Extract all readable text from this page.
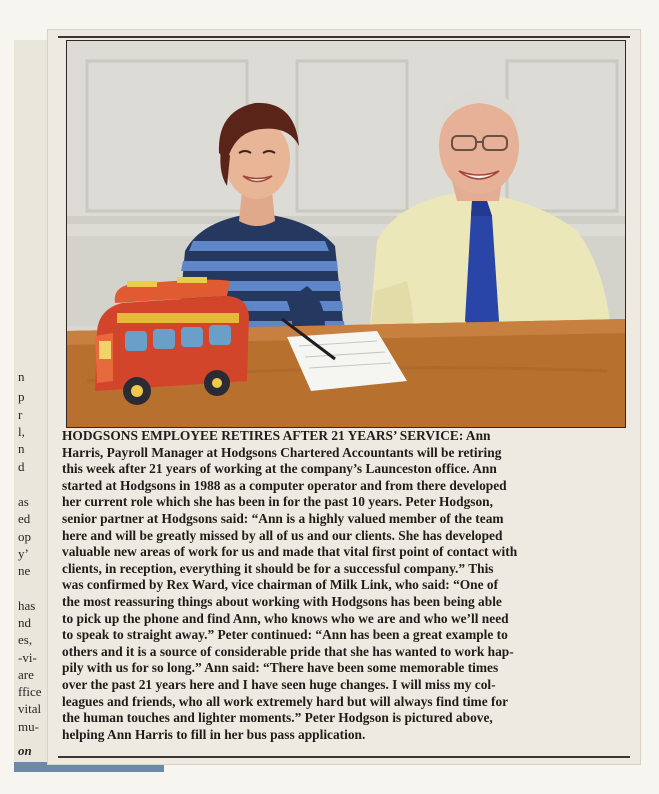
n
p
r
l,
n
d
as
ed
op
y’
ne
has
nd
es,
-vi-
are
ffice
vital
mu-
on
HODGSONS EMPLOYEE RETIRES AFTER 21 YEARS’ SERVICE: Ann
Harris, Payroll Manager at Hodgsons Chartered Accountants will be retiring
this week after 21 years of working at the company’s Launceston office. Ann
started at Hodgsons in 1988 as a computer operator and from there developed
her current role which she has been in for the past 10 years. Peter Hodgson,
senior partner at Hodgsons said: “Ann is a highly valued member of the team
here and will be greatly missed by all of us and our clients. She has developed
valuable new areas of work for us and made that vital first point of contact with
clients, in reception, everything it should be for a successful company.” This
was confirmed by Rex Ward, vice chairman of Milk Link, who said: “One of
the most reassuring things about working with Hodgsons has been being able
to pick up the phone and find Ann, who knows who we are and who we’ll need
to speak to straight away.” Peter continued: “Ann has been a great example to
others and it is a source of considerable pride that she has wanted to work hap-
pily with us for so long.” Ann said: “There have been some memorable times
over the past 21 years here and I have seen huge changes. I will miss my col-
leagues and friends, who all work extremely hard but will always find time for
the human touches and lighter moments.” Peter Hodgson is pictured above,
helping Ann Harris to fill in her bus pass application.
